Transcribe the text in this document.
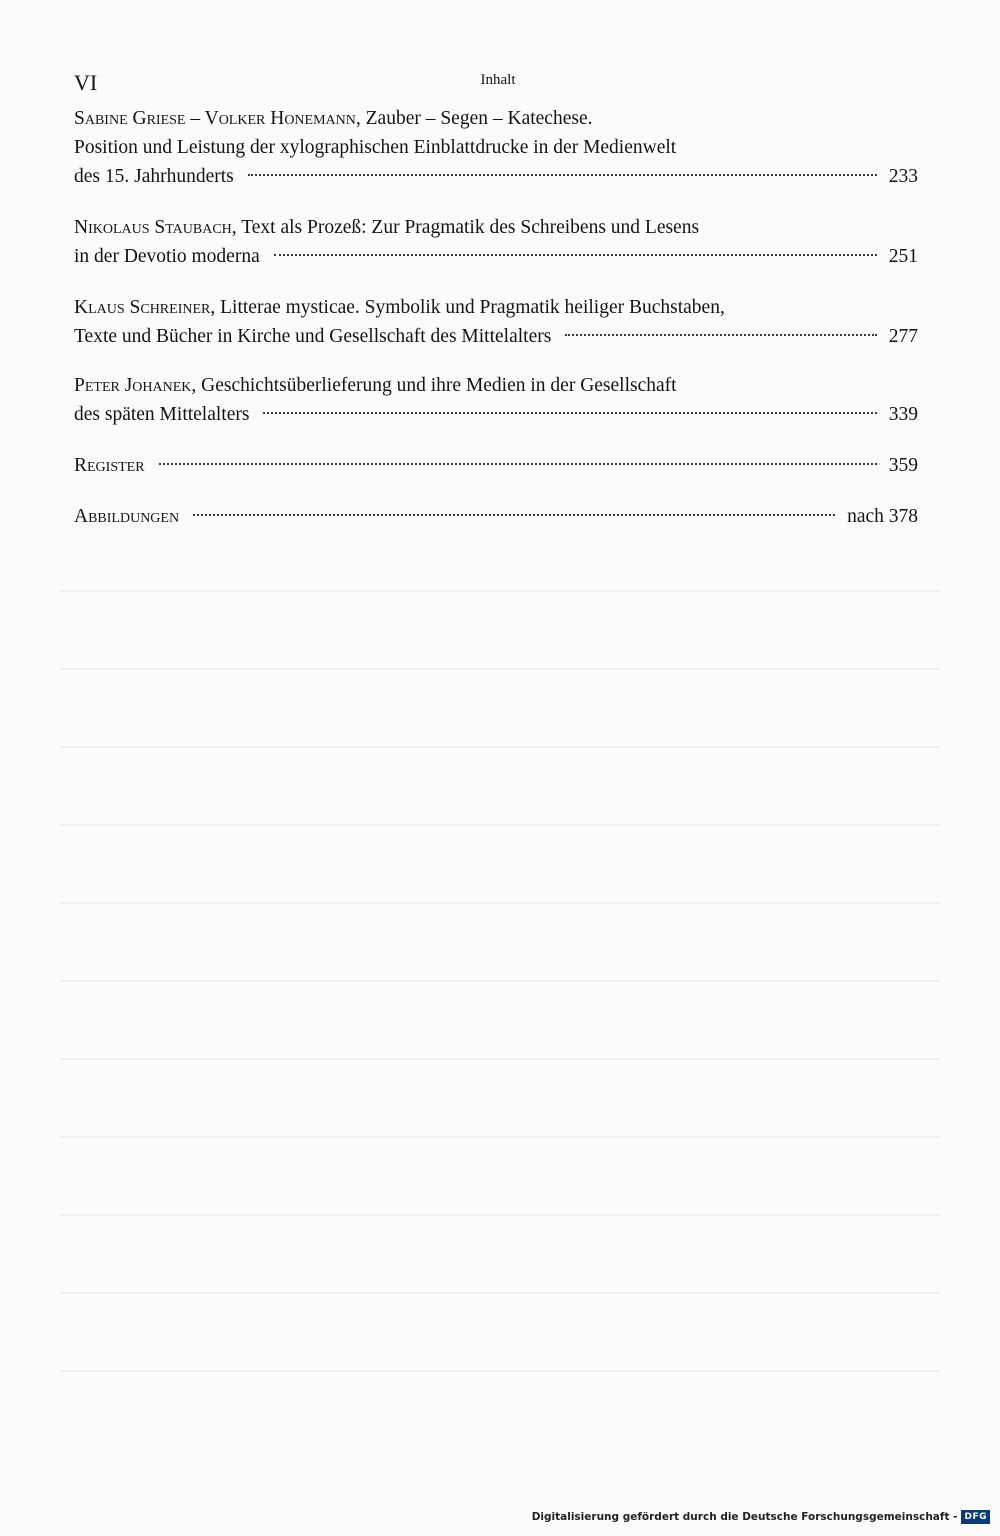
VI	Inhalt
Sabine Griese – Volker Honemann, Zauber – Segen – Katechese.
Position und Leistung der xylographischen Einblattdrucke in der Medienwelt
des 15. Jahrhunderts	233
Nikolaus Staubach, Text als Prozeß: Zur Pragmatik des Schreibens und Lesens
in der Devotio moderna	251
Klaus Schreiner, Litterae mysticae. Symbolik und Pragmatik heiliger Buchstaben,
Texte und Bücher in Kirche und Gesellschaft des Mittelalters	277
Peter Johanek, Geschichtsüberlieferung und ihre Medien in der Gesellschaft
des späten Mittelalters	339
Register	359
Abbildungen	nach 378
Digitalisierung gefördert durch die Deutsche Forschungsgemeinschaft - DFG
